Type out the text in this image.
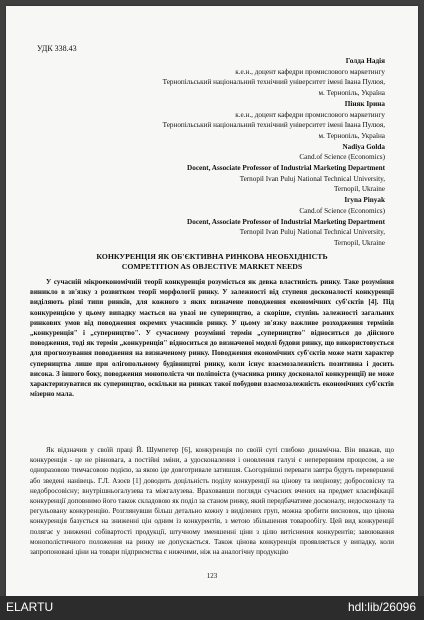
УДК 338.43
Голда Надія
к.е.н., доцент кафедри промислового маркетингу
Тернопільський національний технічний університет імені Івана Пулюя,
м. Тернопіль, Україна
Піняк Ірина
к.е.н., доцент кафедри промислового маркетингу
Тернопільський національний технічний університет імені Івана Пулюя,
м. Тернопіль, Україна
Nadiya Golda
Cand.of Science (Economics)
Docent, Associate Professor of Industrial Marketing Department
Ternopil Ivan Puluj National Technical University,
Ternopil, Ukraine
Ігуna Pinyak
Cand.of Science (Economics)
Docent, Associate Professor of Industrial Marketing Department
Ternopil Ivan Puluj National Technical University,
Ternopil, Ukraine
КОНКУРЕНЦІЯ ЯК ОБ'ЄКТИВНА РИНКОВА НЕОБХІДНІСТЬ
COMPETITION AS OBJECTIVE MARKET NEEDS

У сучасній мікроекономічній теорії конкуренція розуміється як девка властивість ринку. Таке розуміння виникло в зв'язку з розвитком теорії морфології ринку. У залежності від ступеня досконалості конкуренції виділяють різні типи ринків, для кожного з яких визначене поводження економічних суб'єктів [4]. Під конкуренцією у цьому випадку мається на увазі не суперництво, а скоріше, ступінь залежності загальних ринкових умов від поводження окремих учасників ринку. У цьому зв'язку важливе розходження термінів „конкуренція" і „суперництво". У сучасному розумінні термін „суперництво" відноситься до дійсного поводження, тоді як термін „конкуренція" відноситься до визначеної моделі будови ринку, що використовується для прогнозування поводження на визначеному ринку. Поводження економічних суб'єктів може мати характер суперництва лише при олігопольному будівництві ринку, коли існує взаємозалежність позитивна і досить висока. З іншого боку, поводження монополіста чи поліпоіста (учасника ринку досконалої конкуренції) не може характеризуватися як суперництво, оскільки на ринках такої побудови взаємозалежність економічних суб'єктів мізерно мала.

Як відзначив у своїй праці Й. Шумпетер [6], конкуренція по своїй суті глибоко динамічна. Він вважав, що конкуренція - це не рівновага, а постійні зміни, а удосконалення і оновлення галузі є неперервним процесом, а не одноразовою тимчасовою подією, за якою іде довготривале затишшя. Сьогоднішні переваги завтра будуть перевершені або зведені нанівець. Г.Л. Азоєв [1] доводить доцільність поділу конкуренції на цінову та нецінову; добросовісну та недобросовісну; внутрішньогалузева та міжгалузева. Враховавши погляди сучасних вчених на предмет класифікації конкуренції доповнимо його також складовою як поділ за станом ринку, який передбачатиме досконалу, недосконалу та регульовану конкуренцію. Розглянувши більш детально кожну з виділених груп, можна зробити висновок, що цінова конкуренція базується на зниженні цін одним із конкурентів, з метою збільшення товарообігу. Цей вид конкуренції полягає у зниженні собівартості продукції, штучному зменшенні ціни з цілю витіснення конкурентів; завоювання монополістичного положення на ринку не допускається. Також цінова конкуренція проявляється у випадку, коли запропоновані ціни на товари підприємства є нижчими, ніж на аналогічну продукцію

123
ELARTU	hdl:lib/26096
